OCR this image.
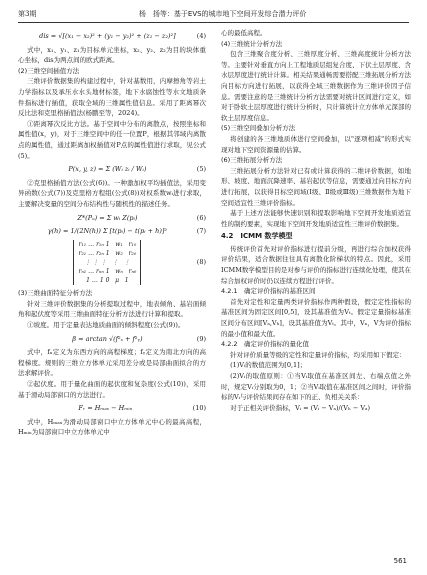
第3期	杨　扬等：基于EVS的城市地下空间开发综合潜力评价
dis = √[(x₁ − x₂)² + (y₁ − y₂)² + (z₁ − z₂)²]	(4)

式中，x₁、y₁、z₁为目标单元坐标，x₂、y₂、z₂为目的块体重心坐标，dis为两点间的欧式距离。

(2)三维空间插值方法

三维评价数据集的构建过程中，针对基数用，内摩擦角等岩土力学指标以及承压水水头地材标签，地下水腐蚀性等水文地质条件指标进行插值，获取全域的三维属性值信息。采用了距离幂次反比法和克里格插值法(杨鹏至等，2024)。

①距离幂次反比方法。基于空间中分布的离散点，按照坐标和属性值(x，y)，对于三维空间中的任一位置P，根据其邻域内离散点的属性值，通过距离加权插值对P点的属性值进行求取，见公式(5)。

P(x, y, z) = Σ (Wᵢ zᵢ / Wᵢ)	(5)

②克里格插值方法(公式(6))。一种激加权平均插值法，采用变异函数(公式(7))及克里格方程组(公式(8))对权系数wᵢ进行求取，主要解决变量的空间分布结构性与随机性的描述任务。

Z*(Pₒ) = Σ wᵢ Z(pᵢ)	(6)
γ(h) = 1/(2N(h)) Σ [t(pᵢ) − t(pᵢ + h)]²	(7)
r₁₁ … r₁ₙ 1 w₁ r₁₀
r₂₁ … r₂ₙ 1 w₂ r₂₀
⋮ ⋮ ⋮ ⋮ ⋮
rₙ₁ … rₙₙ 1 wₙ rₙ₀
1 … 1 0 μ 1
(8)

(3)三维曲面特征分析方法

针对三维评价数据集的分析提取过程中，地表倾角、基岩面倾角和起伏度等采用三维曲面特征分析方法进行计算和提取。

①坡度。用于定量表达地质曲面的倾斜程度(公式(9))。

β = arctan √(f²ₓ + f²ᵧ)	(9)

式中，fₓ定义为东西方向的高程梯度；fᵧ定义为南北方向的高程梯度。规则的三维立方体单元采用差分或是局部曲面拟合的方法求解评价。

②起伏度。用于量化曲面的起伏度和复杂度(公式(10))，采用基于滑动局部窗口的方法进行。

Fᵣ = Hₘₐₓ − Hₘᵢₙ	(10)

式中，Hₘₐₓ为滑动局部窗口中立方体单元中心的最高高程，Hₘᵢₙ为局部窗口中立方体单元中

心的最低高程。

(4)三维统计分析方法

包含三维聚合度分析、三维厚度分析、三维高度统计分析方法等。主要针对垂直方向上工程地质层组复合度、下伏土层厚度、含水层厚度进行统计计算。相关结果通畅需要搭配三维拓展分析方法向目标方向进行拓展，以获得全域三维数据作为三维评价因子信息。需要注意的是三维统计分析方法需要对统计区间进行定义，如对于卧软土层厚度进行统计分析时，只计算统计立方体单元深部的软土层厚度信息。

(5)三维空间叠加分析方法

将创建的各三维地质体进行空间叠加，以"逐项相减"的形式实现对地下空间资源量的估算。

(6)三维拓展分析方法

三维拓展分析方法针对已有或计算获得的二维评价数据，如地形、坡度、地面沉降速率、基岩起伏等信息，需要通过向目标方向进行拓展，以获得目标空间域(Ⅰ级、Ⅱ级或Ⅲ级)三维数据作为地下空间适宜性三维评价指标。

基于上述方法能够快速识别和提取影响地下空间开发地质适宜性的制约要素，实现地下空间开发地质适宜性三维评价数据集。

4.2　ICMM 数学模型

传统评价首先对评价指标进行提前分级，再进行综合加权获得评价结果，适合数据往往具有离散化阶梯状的特点。因此，采用ICMM数学模型目的是对参与评价的指标进行连续化处理，使其在综合加权评价时仍以连续方程进行评价。

4.2.1　确定评价指标的基准区间

首先对定性和定量两类评价指标作两种假设，假定定性指标的基准区间为固定区间[0,5]，设其基准值为Vₜ。假定定量指标基准区间分布区间[Vₐ,Vₕ]，设其基准值为Vₜ。其中，Vₐ，V为评价指标的最小值和最大值。

4.2.2　确定评价指标的量化值

针对评价质量等级的定性和定量评价指标，均采用如下假定：

(1)Vᵢ的数值范围为[0,1]；

(2)Vᵢ的取值原则：①当Vᵢ取值在基准区间左、右端点值之外时，规定Vᵢ分别取为0，1；②当Vᵢ取值在基准区间之间时，评价指标的Vᵢ与评价结果间存在如下的正、负相关关系：

对于正相关评价指标，Vᵢ = (Vᵢ − Vₐ)/(Vₕ − Vₐ)

561
